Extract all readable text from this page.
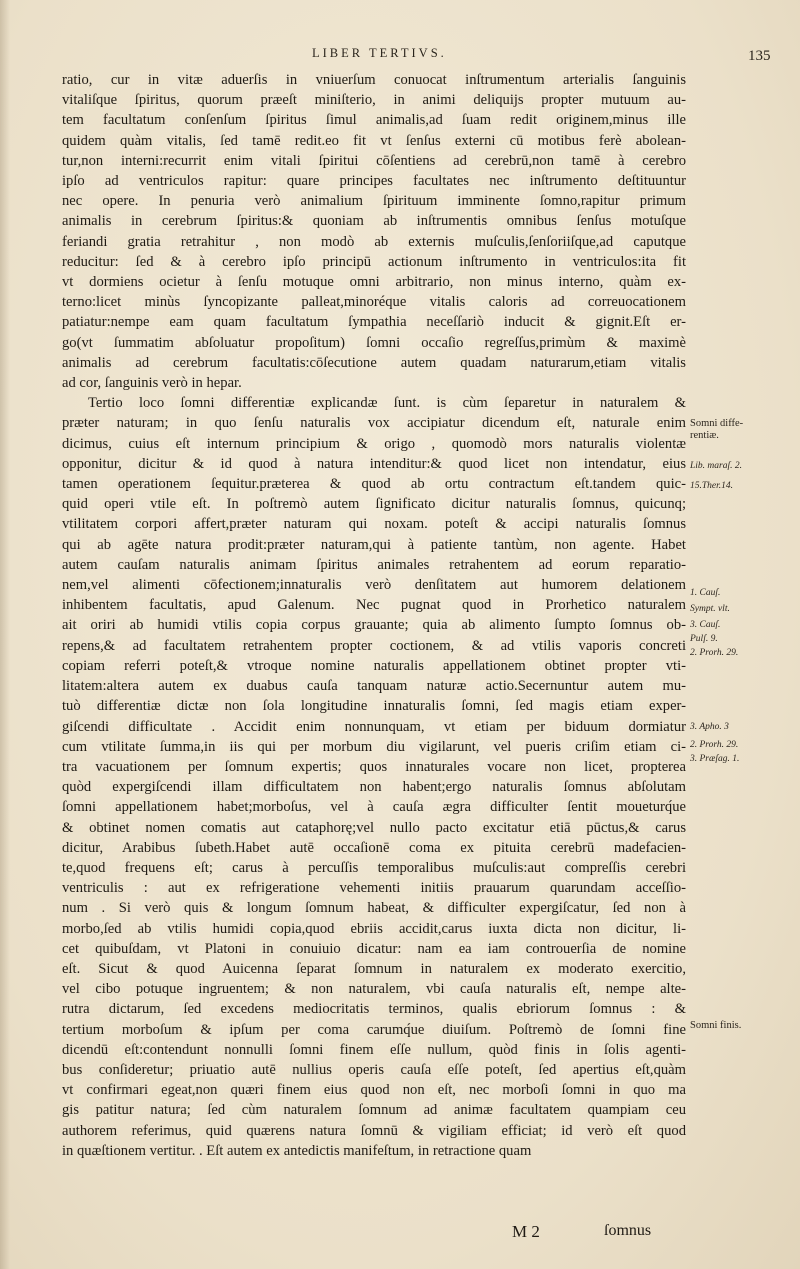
LIBER TERTIVS.	135

ratio, cur in vitæ aduerſis in vniuerſum conuocat inſtrumentum arterialis ſanguinis
vitaliſque ſpiritus, quorum præeſt miniſterio, in animi deliquijs propter mutuum au-
tem facultatum conſenſum ſpiritus ſimul animalis,ad ſuam redit originem,minus ille
quidem quàm vitalis, ſed tamē redit.eo fit vt ſenſus externi cū motibus ferè abolean-
tur,non interni:recurrit enim vitali ſpiritui cōſentiens ad cerebrū,non tamē à cerebro
ipſo ad ventriculos rapitur: quare principes facultates nec inſtrumento deſtituuntur
nec opere. In penuria verò animalium ſpirituum imminente ſomno,rapitur primum
animalis in cerebrum ſpiritus:& quoniam ab inſtrumentis omnibus ſenſus motuſque
feriandi gratia retrahitur , non modò ab externis muſculis,ſenſoriiſque,ad caputque
reducitur: ſed & à cerebro ipſo principū actionum inſtrumento in ventriculos:ita fit
vt dormiens ocietur à ſenſu motuque omni arbitrario, non minus interno, quàm ex-
terno:licet minùs ſyncopizante palleat,minoréque vitalis caloris ad correuocationem
patiatur:nempe eam quam facultatum ſympathia neceſſariò inducit & gignit.Eſt er-
go(vt ſummatim abſoluatur propoſitum) ſomni occaſio regreſſus,primùm & maximè
animalis ad cerebrum facultatis:cōſecutione autem quadam naturarum,etiam vitalis
ad cor, ſanguinis verò in hepar.

Tertio loco ſomni differentiæ explicandæ ſunt. is cùm ſeparetur in naturalem &
præter naturam; in quo ſenſu naturalis vox accipiatur dicendum eſt, naturale enim
dicimus, cuius eſt internum principium & origo , quomodò mors naturalis violentæ
opponitur, dicitur & id quod à natura intenditur:& quod licet non intendatur, eius
tamen operationem ſequitur.præterea & quod ab ortu contractum eſt.tandem quic-
quid operi vtile eſt. In poſtremò autem ſignificato dicitur naturalis ſomnus, quicunq;
vtilitatem corpori affert,præter naturam qui noxam. poteſt & accipi naturalis ſomnus
qui ab agēte natura prodit:præter naturam,qui à patiente tantùm, non agente. Habet
autem cauſam naturalis animam ſpiritus animales retrahentem ad eorum reparatio-
nem,vel alimenti cōfectionem;innaturalis verò denſitatem aut humorem delationem
inhibentem facultatis, apud Galenum. Nec pugnat quod in Prorhetico naturalem
ait oriri ab humidi vtilis copia corpus grauante; quia ab alimento ſumpto ſomnus ob-
repens,& ad facultatem retrahentem propter coctionem, & ad vtilis vaporis concreti
copiam referri poteſt,& vtroque nomine naturalis appellationem obtinet propter vti-
litatem:altera autem ex duabus cauſa tanquam naturæ actio.Secernuntur autem mu-
tuò differentiæ dictæ non ſola longitudine innaturalis ſomni, ſed magis etiam exper-
giſcendi difficultate . Accidit enim nonnunquam, vt etiam per biduum dormiatur
cum vtilitate ſumma,in iis qui per morbum diu vigilarunt, vel pueris criſim etiam ci-
tra vacuationem per ſomnum expertis; quos innaturales vocare non licet, propterea
quòd expergiſcendi illam difficultatem non habent;ergo naturalis ſomnus abſolutam
ſomni appellationem habet;morboſus, vel à cauſa ægra difficulter ſentit moueturq́ue
& obtinet nomen comatis aut cataphorę;vel nullo pacto excitatur etiā pūctus,& carus
dicitur, Arabibus ſubeth.Habet autē occaſionē coma ex pituita cerebrū madefacien-
te,quod frequens eſt; carus à percuſſis temporalibus muſculis:aut compreſſis cerebri
ventriculis : aut ex refrigeratione vehementi initiis prauarum quarundam acceſſio-
num . Si verò quis & longum ſomnum habeat, & difficulter expergiſcatur, ſed non à
morbo,ſed ab vtilis humidi copia,quod ebriis accidit,carus iuxta dicta non dicitur, li-
cet quibuſdam, vt Platoni in conuiuio dicatur: nam ea iam controuerſia de nomine
eſt. Sicut & quod Auicenna ſeparat ſomnum in naturalem ex moderato exercitio,
vel cibo potuque ingruentem; & non naturalem, vbi cauſa naturalis eſt, nempe alte-
rutra dictarum, ſed excedens mediocritatis terminos, qualis ebriorum ſomnus : &
tertium morboſum & ipſum per coma carumq́ue diuiſum. Poſtremò de ſomni fine
dicendū eſt:contendunt nonnulli ſomni finem eſſe nullum, quòd finis in ſolis agenti-
bus conſideretur; priuatio autē nullius operis cauſa eſſe poteſt, ſed apertius eſt,quàm
vt confirmari egeat,non quæri finem eius quod non eſt, nec morboſi ſomni in quo ma
gis patitur natura; ſed cùm naturalem ſomnum ad animæ facultatem quampiam ceu
authorem referimus, quid quærens natura ſomnū & vigiliam efficiat; id verò eſt quod
in quæſtionem vertitur. . Eſt autem ex antedictis manifeſtum, in retractione quam

Somni diffe-
rentiæ.
Lib. maraſ. 2.
15.Ther.14.
1. Cauſ.
Sympt. vlt.
3. Cauſ.
Pulſ. 9.
2. Prorh. 29.
3. Apho. 3
2. Prorh. 29.
3. Præſag. 1.
Somni finis.
M 2	ſomnus
